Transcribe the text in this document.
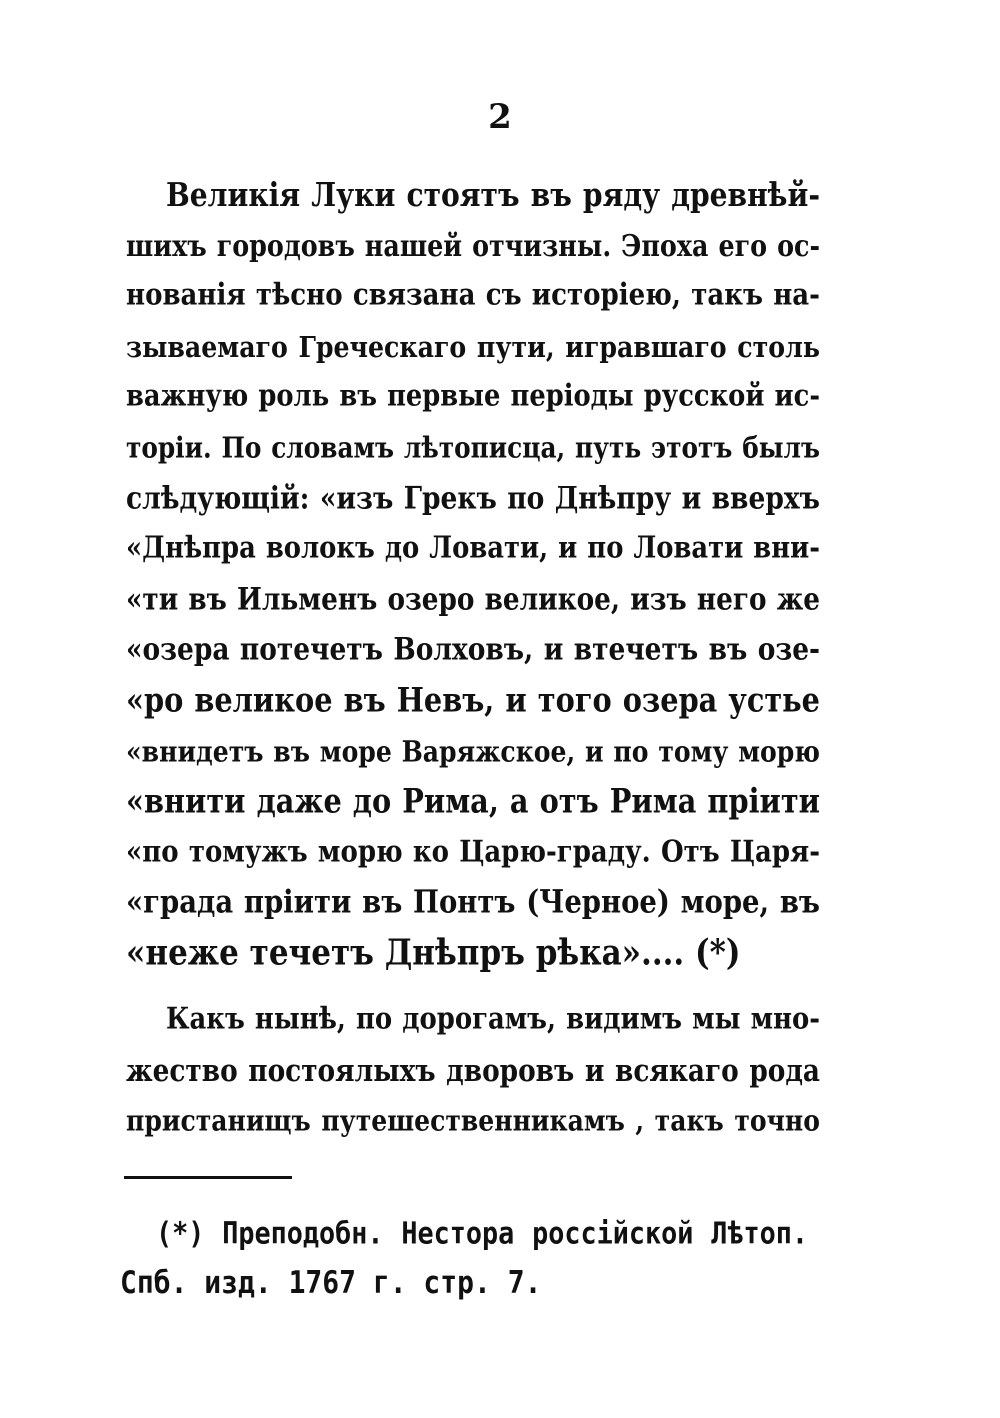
2
Великія Луки стоятъ въ ряду древнѣй-
шихъ городовъ нашей отчизны. Эпоха его ос-
нованія тѣсно связана съ исторіею, такъ на-
зываемаго Греческаго пути, игравшаго столь
важную роль въ первые періоды русской ис-
торіи. По словамъ лѣтописца, путь этотъ былъ
слѣдующій: «изъ Грекъ по Днѣпру и вверхъ
«Днѣпра волокъ до Ловати, и по Ловати вни-
«ти въ Ильменъ озеро великое, изъ него же
«озера потечетъ Волховъ, и втечетъ въ озе-
«ро великое въ Невъ, и того озера устье
«внидетъ въ море Варяжское, и по тому морю
«внити даже до Рима, а отъ Рима пріити
«по томужъ морю ко Царю-граду. Отъ Царя-
«града пріити въ Понтъ (Черное) море, въ
«неже течетъ Днѣпръ рѣка».... (*)
Какъ нынѣ, по дорогамъ, видимъ мы мно-
жество постоялыхъ дворовъ и всякаго рода
пристанищъ путешественникамъ , такъ точно
(*) Преподобн. Нестора россійской Лѣтоп.
Спб. изд. 1767 г. стр. 7.
